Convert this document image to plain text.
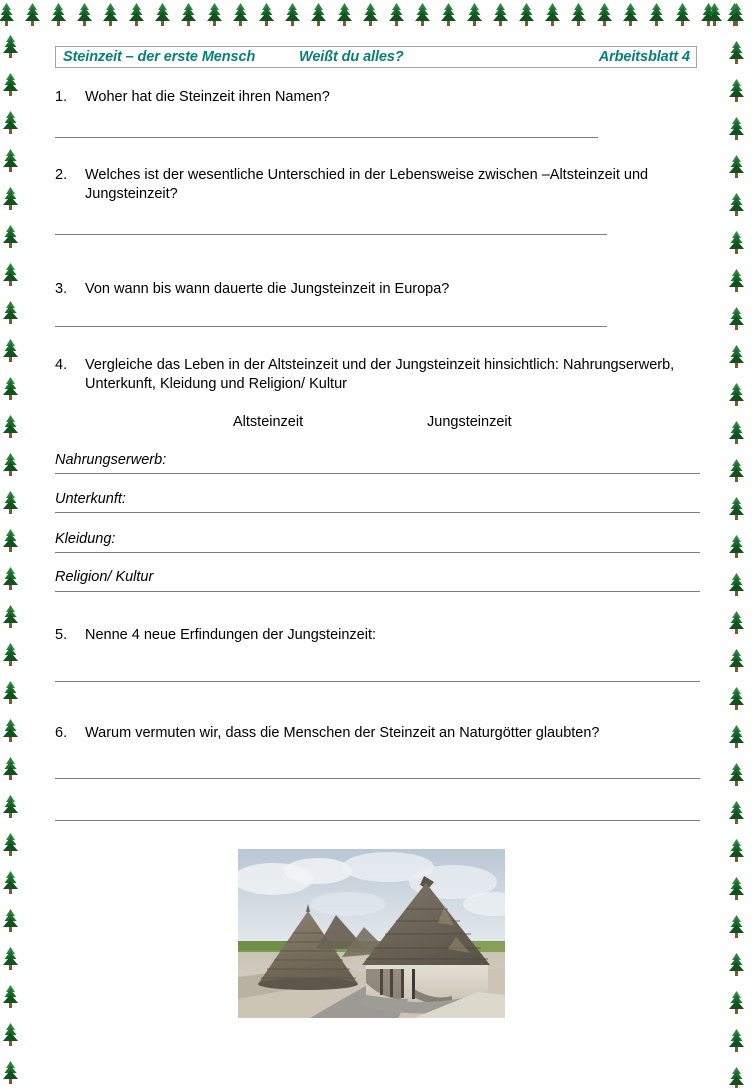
Steinzeit – der erste Mensch	Weißt du alles?	Arbeitsblatt 4
1.	Woher hat die Steinzeit ihren Namen?
2.	Welches ist der wesentliche Unterschied in der Lebensweise zwischen –Altsteinzeit und Jungsteinzeit?
3.	Von wann bis wann dauerte die Jungsteinzeit in Europa?
4.	Vergleiche das Leben in der Altsteinzeit und der Jungsteinzeit hinsichtlich: Nahrungserwerb, Unterkunft, Kleidung und Religion/ Kultur
Altsteinzeit	Jungsteinzeit
Nahrungserwerb:
Unterkunft:
Kleidung:
Religion/ Kultur
5.	Nenne 4 neue Erfindungen der Jungsteinzeit:
6.	Warum vermuten wir, dass die Menschen der Steinzeit an Naturgötter glaubten?
